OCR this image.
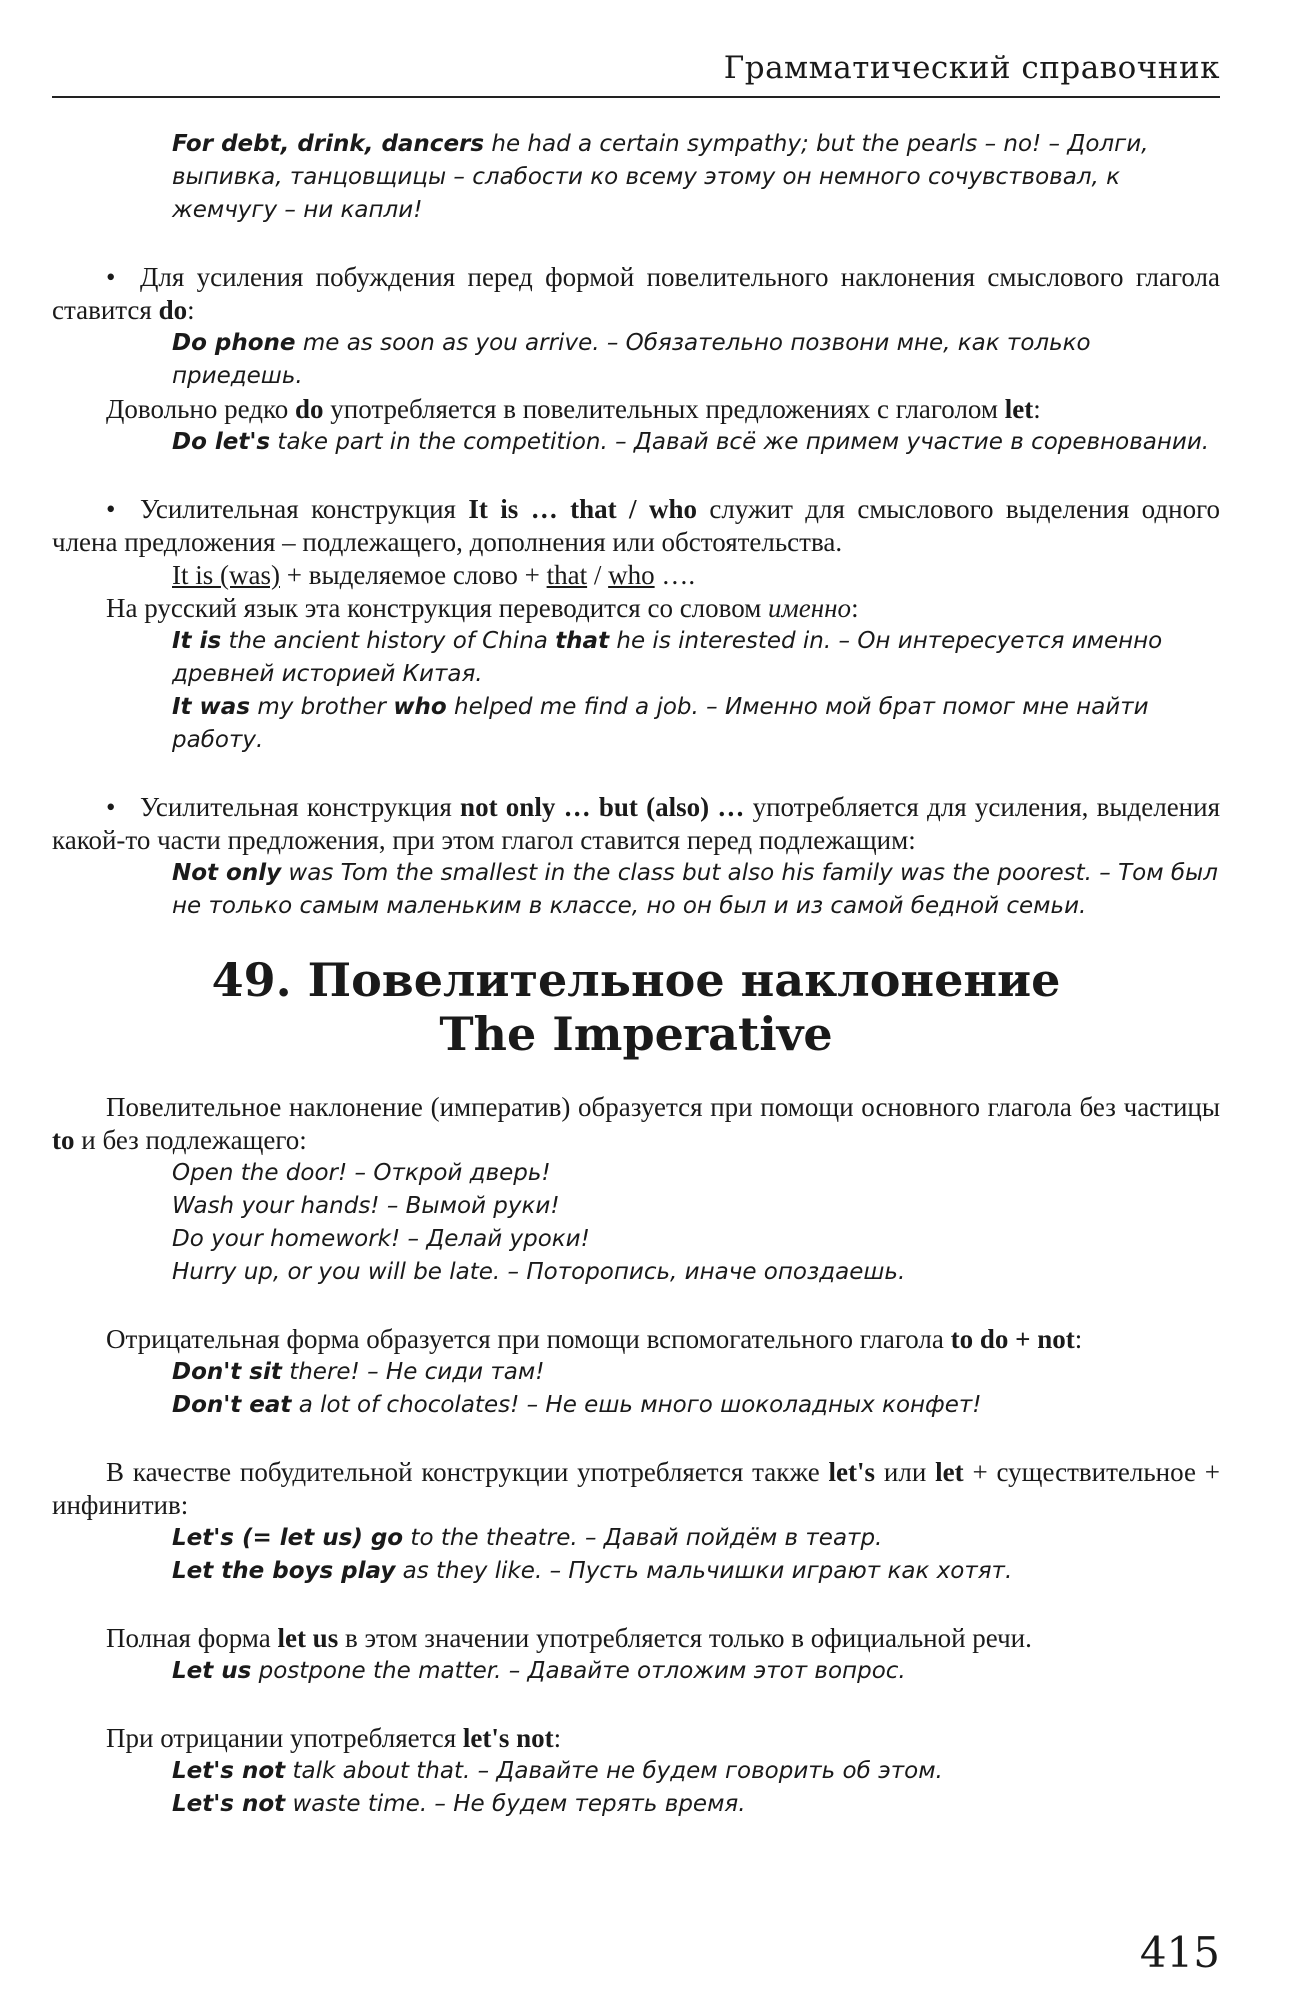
Грамматический справочник

For debt, drink, dancers he had a certain sympathy; but the pearls – no! – Долги, выпивка, танцовщицы – слабости ко всему этому он немного сочувствовал, к жемчугу – ни капли!

• Для усиления побуждения перед формой повелительного наклонения смыслового глагола ставится do:

Do phone me as soon as you arrive. – Обязательно позвони мне, как только приедешь.

Довольно редко do употребляется в повелительных предложениях с глаголом let:

Do let's take part in the competition. – Давай всё же примем участие в соревновании.

• Усилительная конструкция It is … that / who служит для смыслового выделения одного члена предложения – подлежащего, дополнения или обстоятельства.

It is (was) + выделяемое слово + that / who ….

На русский язык эта конструкция переводится со словом именно:

It is the ancient history of China that he is interested in. – Он интересуется именно древней историей Китая.

It was my brother who helped me find a job. – Именно мой брат помог мне найти работу.

• Усилительная конструкция not only … but (also) … употребляется для усиления, выделения какой-то части предложения, при этом глагол ставится перед подлежащим:

Not only was Tom the smallest in the class but also his family was the poorest. – Том был не только самым маленьким в классе, но он был и из самой бедной семьи.

49. Повелительное наклонение
The Imperative

Повелительное наклонение (императив) образуется при помощи основного глагола без частицы to и без подлежащего:

Open the door! – Открой дверь!

Wash your hands! – Вымой руки!

Do your homework! – Делай уроки!

Hurry up, or you will be late. – Поторопись, иначе опоздаешь.

Отрицательная форма образуется при помощи вспомогательного глагола to do + not:

Don't sit there! – Не сиди там!

Don't eat a lot of chocolates! – Не ешь много шоколадных конфет!

В качестве побудительной конструкции употребляется также let's или let + существительное + инфинитив:

Let's (= let us) go to the theatre. – Давай пойдём в театр.

Let the boys play as they like. – Пусть мальчишки играют как хотят.

Полная форма let us в этом значении употребляется только в официальной речи.

Let us postpone the matter. – Давайте отложим этот вопрос.

При отрицании употребляется let's not:

Let's not talk about that. – Давайте не будем говорить об этом.

Let's not waste time. – Не будем терять время.

415
